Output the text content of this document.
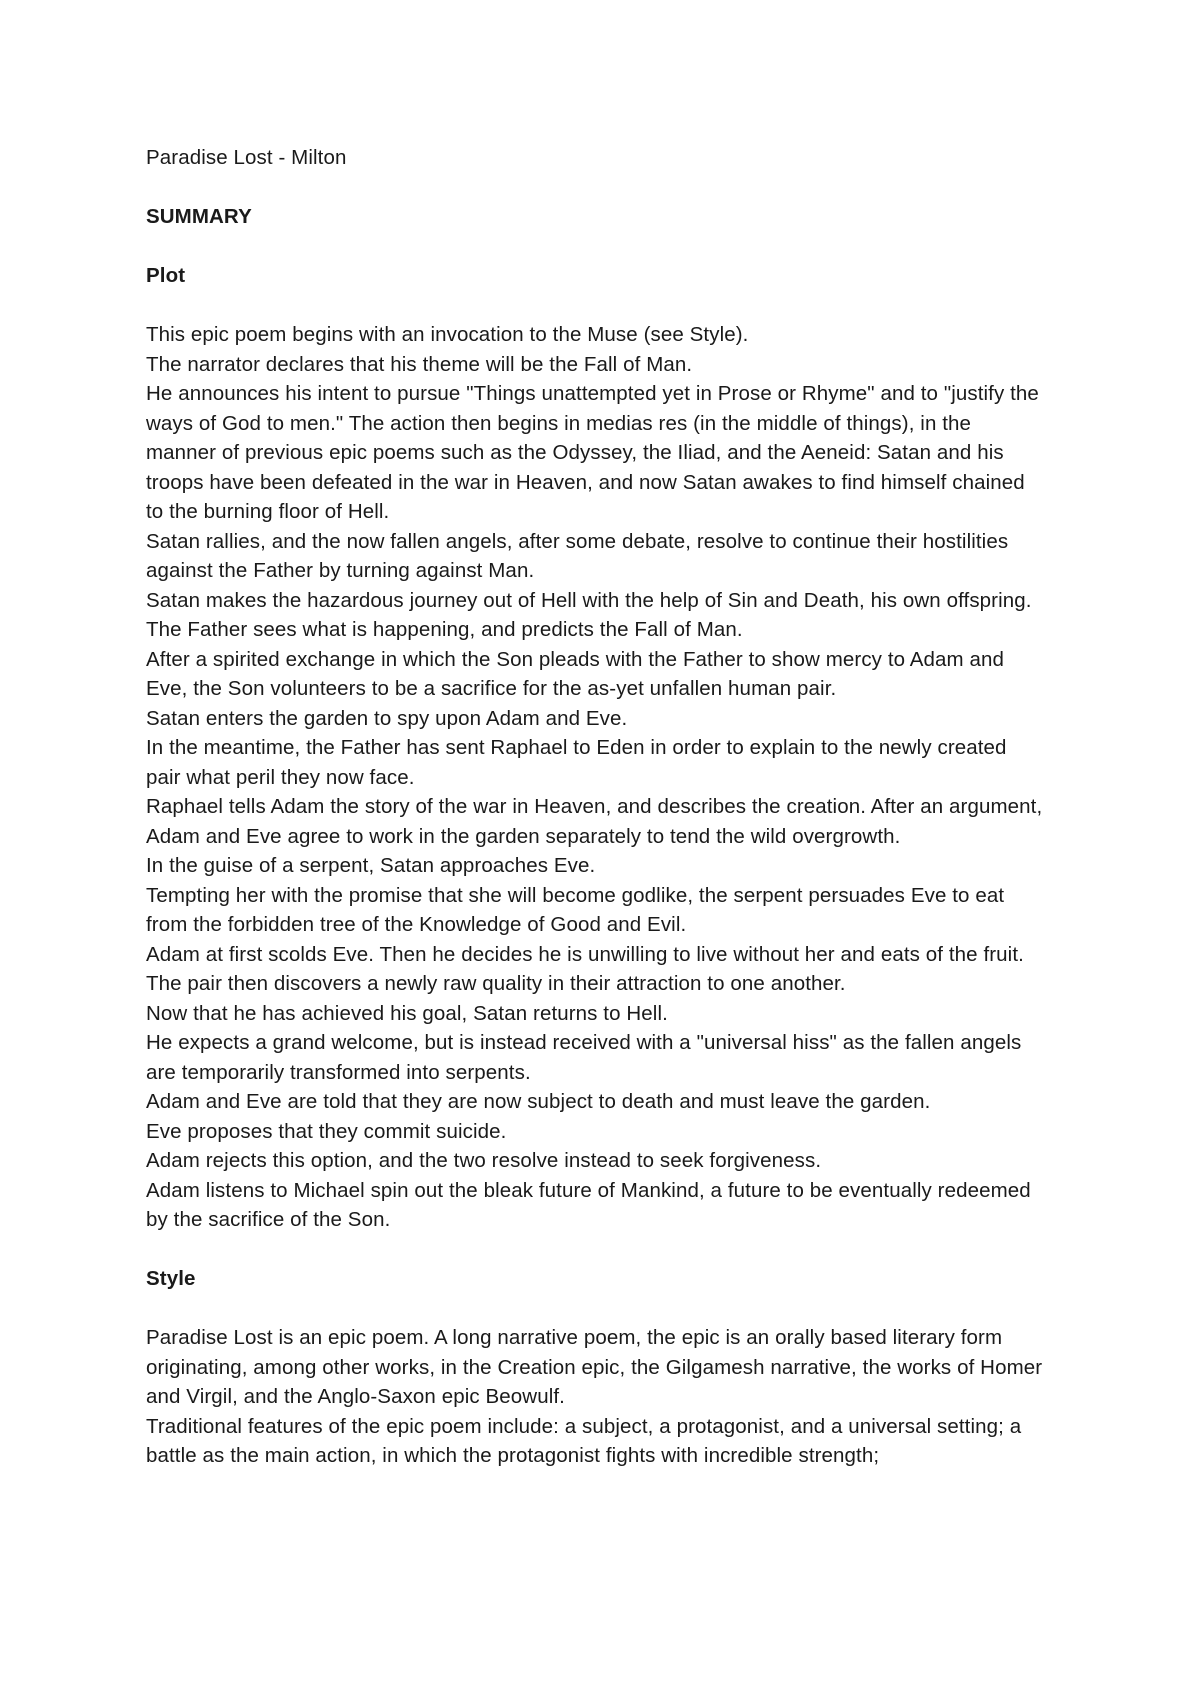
Paradise Lost - Milton

SUMMARY

Plot

This epic poem begins with an invocation to the Muse (see Style).

The narrator declares that his theme will be the Fall of Man.

He announces his intent to pursue "Things unattempted yet in Prose or Rhyme" and to "justify the ways of God to men." The action then begins in medias res (in the middle of things), in the manner of previous epic poems such as the Odyssey, the Iliad, and the Aeneid: Satan and his troops have been defeated in the war in Heaven, and now Satan awakes to find himself chained to the burning floor of Hell.

Satan rallies, and the now fallen angels, after some debate, resolve to continue their hostilities against the Father by turning against Man.

Satan makes the hazardous journey out of Hell with the help of Sin and Death, his own offspring.

The Father sees what is happening, and predicts the Fall of Man.

After a spirited exchange in which the Son pleads with the Father to show mercy to Adam and Eve, the Son volunteers to be a sacrifice for the as-yet unfallen human pair.

Satan enters the garden to spy upon Adam and Eve.

In the meantime, the Father has sent Raphael to Eden in order to explain to the newly created pair what peril they now face.

Raphael tells Adam the story of the war in Heaven, and describes the creation. After an argument, Adam and Eve agree to work in the garden separately to tend the wild overgrowth.

In the guise of a serpent, Satan approaches Eve.

Tempting her with the promise that she will become godlike, the serpent persuades Eve to eat from the forbidden tree of the Knowledge of Good and Evil.

Adam at first scolds Eve. Then he decides he is unwilling to live without her and eats of the fruit.

The pair then discovers a newly raw quality in their attraction to one another.

Now that he has achieved his goal, Satan returns to Hell.

He expects a grand welcome, but is instead received with a "universal hiss" as the fallen angels are temporarily transformed into serpents.

Adam and Eve are told that they are now subject to death and must leave the garden.

Eve proposes that they commit suicide.

Adam rejects this option, and the two resolve instead to seek forgiveness.

Adam listens to Michael spin out the bleak future of Mankind, a future to be eventually redeemed by the sacrifice of the Son.

Style

Paradise Lost is an epic poem. A long narrative poem, the epic is an orally based literary form originating, among other works, in the Creation epic, the Gilgamesh narrative, the works of Homer and Virgil, and the Anglo-Saxon epic Beowulf.

Traditional features of the epic poem include: a subject, a protagonist, and a universal setting; a battle as the main action, in which the protagonist fights with incredible strength;
